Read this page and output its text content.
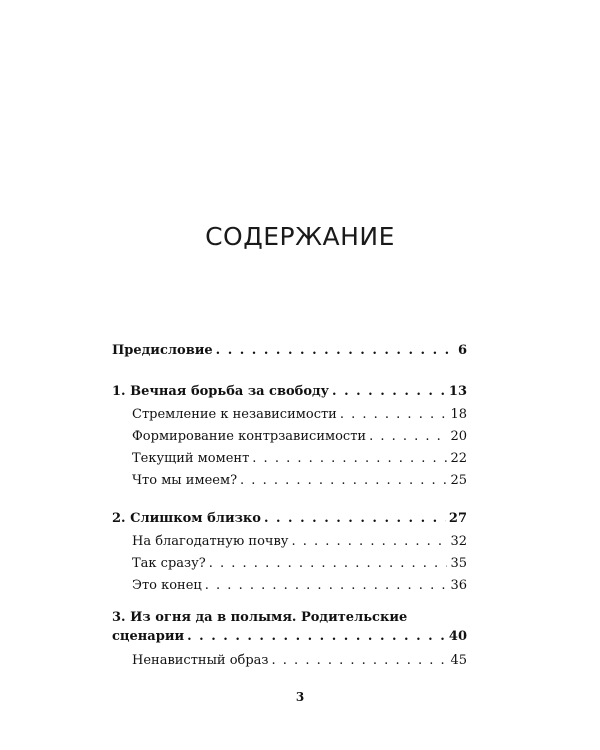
СОДЕРЖАНИЕ
Предисловие . . .	6
1. Вечная борьба за свободу . . .	13
Стремление к независимости . . .	18
Формирование контрзависимости . . .	20
Текущий момент . . .	22
Что мы имеем? . . .	25
2. Слишком близко . . .	27
На благодатную почву . . .	32
Так сразу? . . .	35
Это конец . . .	36
3. Из огня да в полымя. Родительские
сценарии . . .	40
Ненавистный образ . . .	45
3
